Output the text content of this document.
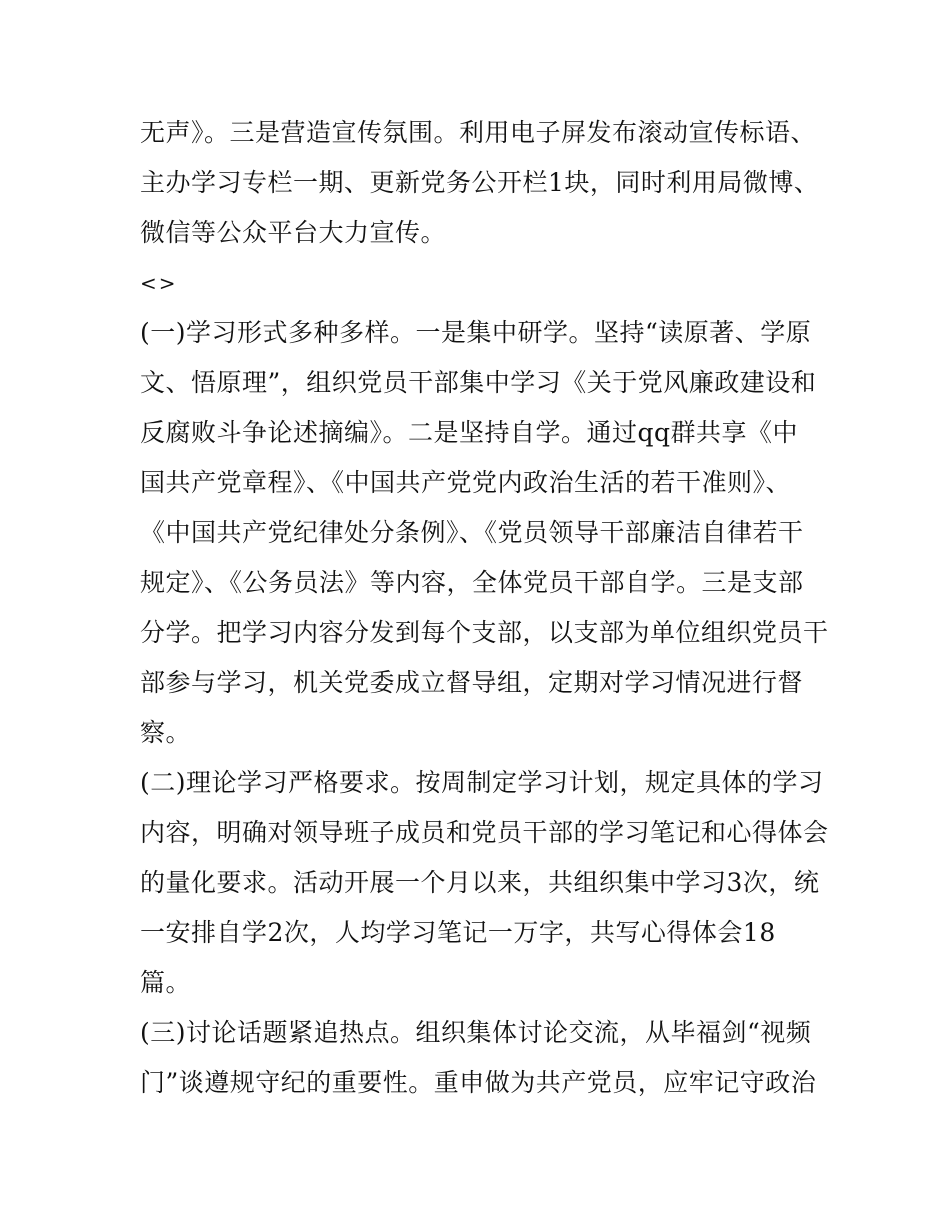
无声》。三是营造宣传氛围。利用电子屏发布滚动宣传标语、
主办学习专栏一期、更新党务公开栏1块，同时利用局微博、
微信等公众平台大力宣传。
<>
(一)学习形式多种多样。一是集中研学。坚持“读原著、学原
文、悟原理”，组织党员干部集中学习《关于党风廉政建设和
反腐败斗争论述摘编》。二是坚持自学。通过qq群共享《中
国共产党章程》、《中国共产党党内政治生活的若干准则》、
《中国共产党纪律处分条例》、《党员领导干部廉洁自律若干
规定》、《公务员法》等内容，全体党员干部自学。三是支部
分学。把学习内容分发到每个支部，以支部为单位组织党员干
部参与学习，机关党委成立督导组，定期对学习情况进行督
察。
(二)理论学习严格要求。按周制定学习计划，规定具体的学习
内容，明确对领导班子成员和党员干部的学习笔记和心得体会
的量化要求。活动开展一个月以来，共组织集中学习3次，统
一安排自学2次，人均学习笔记一万字，共写心得体会18
篇。
(三)讨论话题紧追热点。组织集体讨论交流，从毕福剑“视频
门”谈遵规守纪的重要性。重申做为共产党员，应牢记守政治
